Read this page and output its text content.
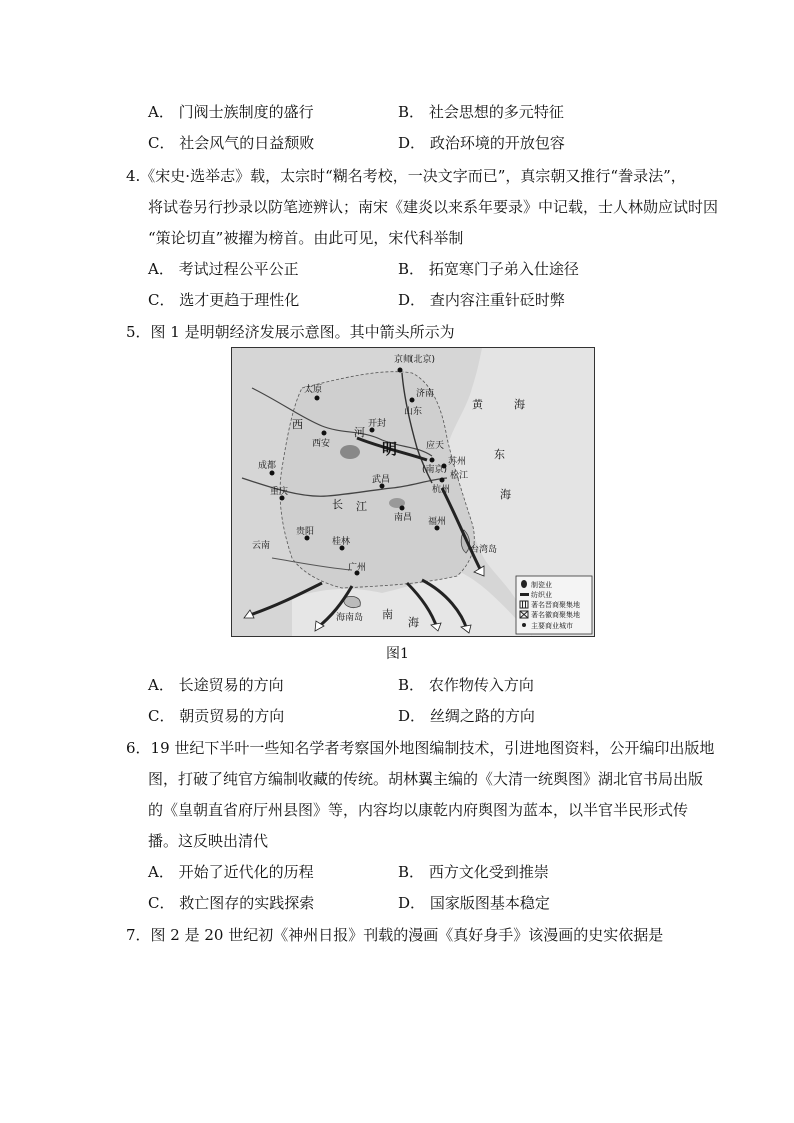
A． 门阀士族制度的盛行	B． 社会思想的多元特征
C． 社会风气的日益颓败	D． 政治环境的开放包容
4.《宋史·选举志》载，太宗时“糊名考校，一决文字而已”，真宗朝又推行“誊录法”，
将试卷另行抄录以防笔迹辨认；南宋《建炎以来系年要录》中记载，士人林勋应试时因
“策论切直”被擢为榜首。由此可见，宋代科举制
A． 考试过程公平公正	B． 拓宽寒门子弟入仕途径
C． 选才更趋于理性化	D． 查内容注重针砭时弊
5．图 1 是明朝经济发展示意图。其中箭头所示为
京师
(北京)
太原	济南
山东
黄	海
西
西安
河
明
开封
应天
(南京)
苏州
松江
杭州
东
海
武昌
南昌
成都
重庆
贵阳
桂林
广州
福州
南
海
海南岛
台湾岛
长 江
云南
制瓷业
纺织业
著名晋商聚集地
著名徽商聚集地
主要商业城市
图1
A． 长途贸易的方向	B． 农作物传入方向
C． 朝贡贸易的方向	D． 丝绸之路的方向
6．19 世纪下半叶一些知名学者考察国外地图编制技术，引进地图资料，公开编印出版地
图，打破了纯官方编制收藏的传统。胡林翼主编的《大清一统舆图》湖北官书局出版
的《皇朝直省府厅州县图》等，内容均以康乾内府舆图为蓝本，以半官半民形式传
播。这反映出清代
A． 开始了近代化的历程	B． 西方文化受到推崇
C． 救亡图存的实践探索	D． 国家版图基本稳定
7．图 2 是 20 世纪初《神州日报》刊载的漫画《真好身手》该漫画的史实依据是
